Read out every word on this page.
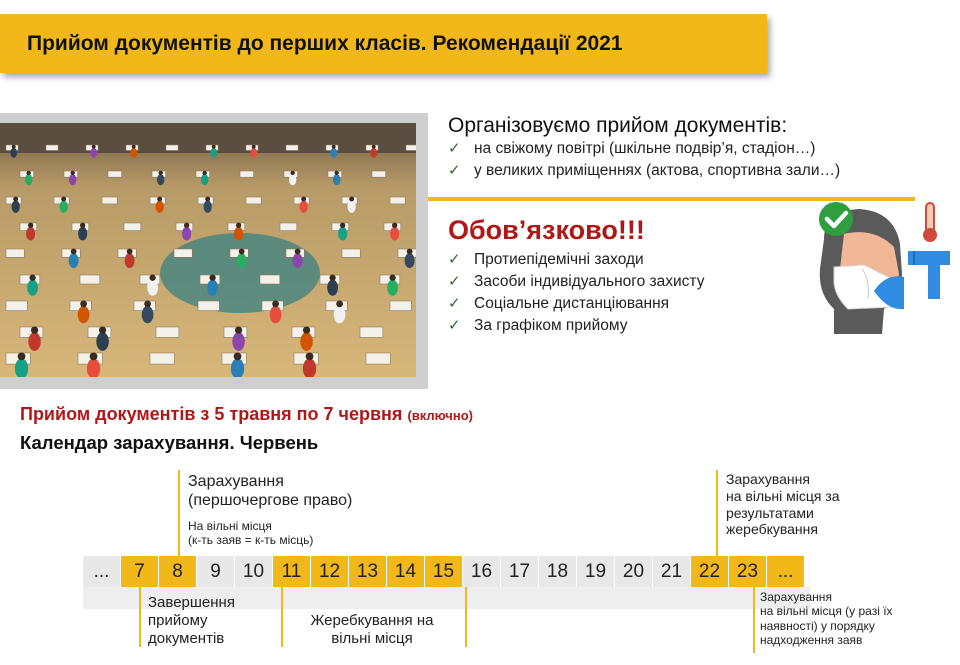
Прийом документів до перших класів. Рекомендації 2021
Організовуємо прийом документів:
✓ на свіжому повітрі (шкільне подвір’я, стадіон…)
✓ у великих приміщеннях (актова, спортивна зали…)
Обов’язково!!!
✓ Протиепідемічні заходи
✓ Засоби індивідуального захисту
✓ Соціальне дистанціювання
✓ За графіком прийому
Прийом документів з 5 травня по 7 червня (включно)
Календар зарахування. Червень
...	7	8	9	10 11 12 13 14 15 16 17 18 19 20 21 22 23	...
Зарахування
(першочергове право)
На вільні місця
(к-ть заяв = к-ть місць)
Зарахування
на вільні місця за
результатами
жеребкування
Завершення
прийому
документів
Жеребкування на
вільні місця
Зарахування
на вільні місця (у разі їх
наявності) у порядку
надходження заяв
